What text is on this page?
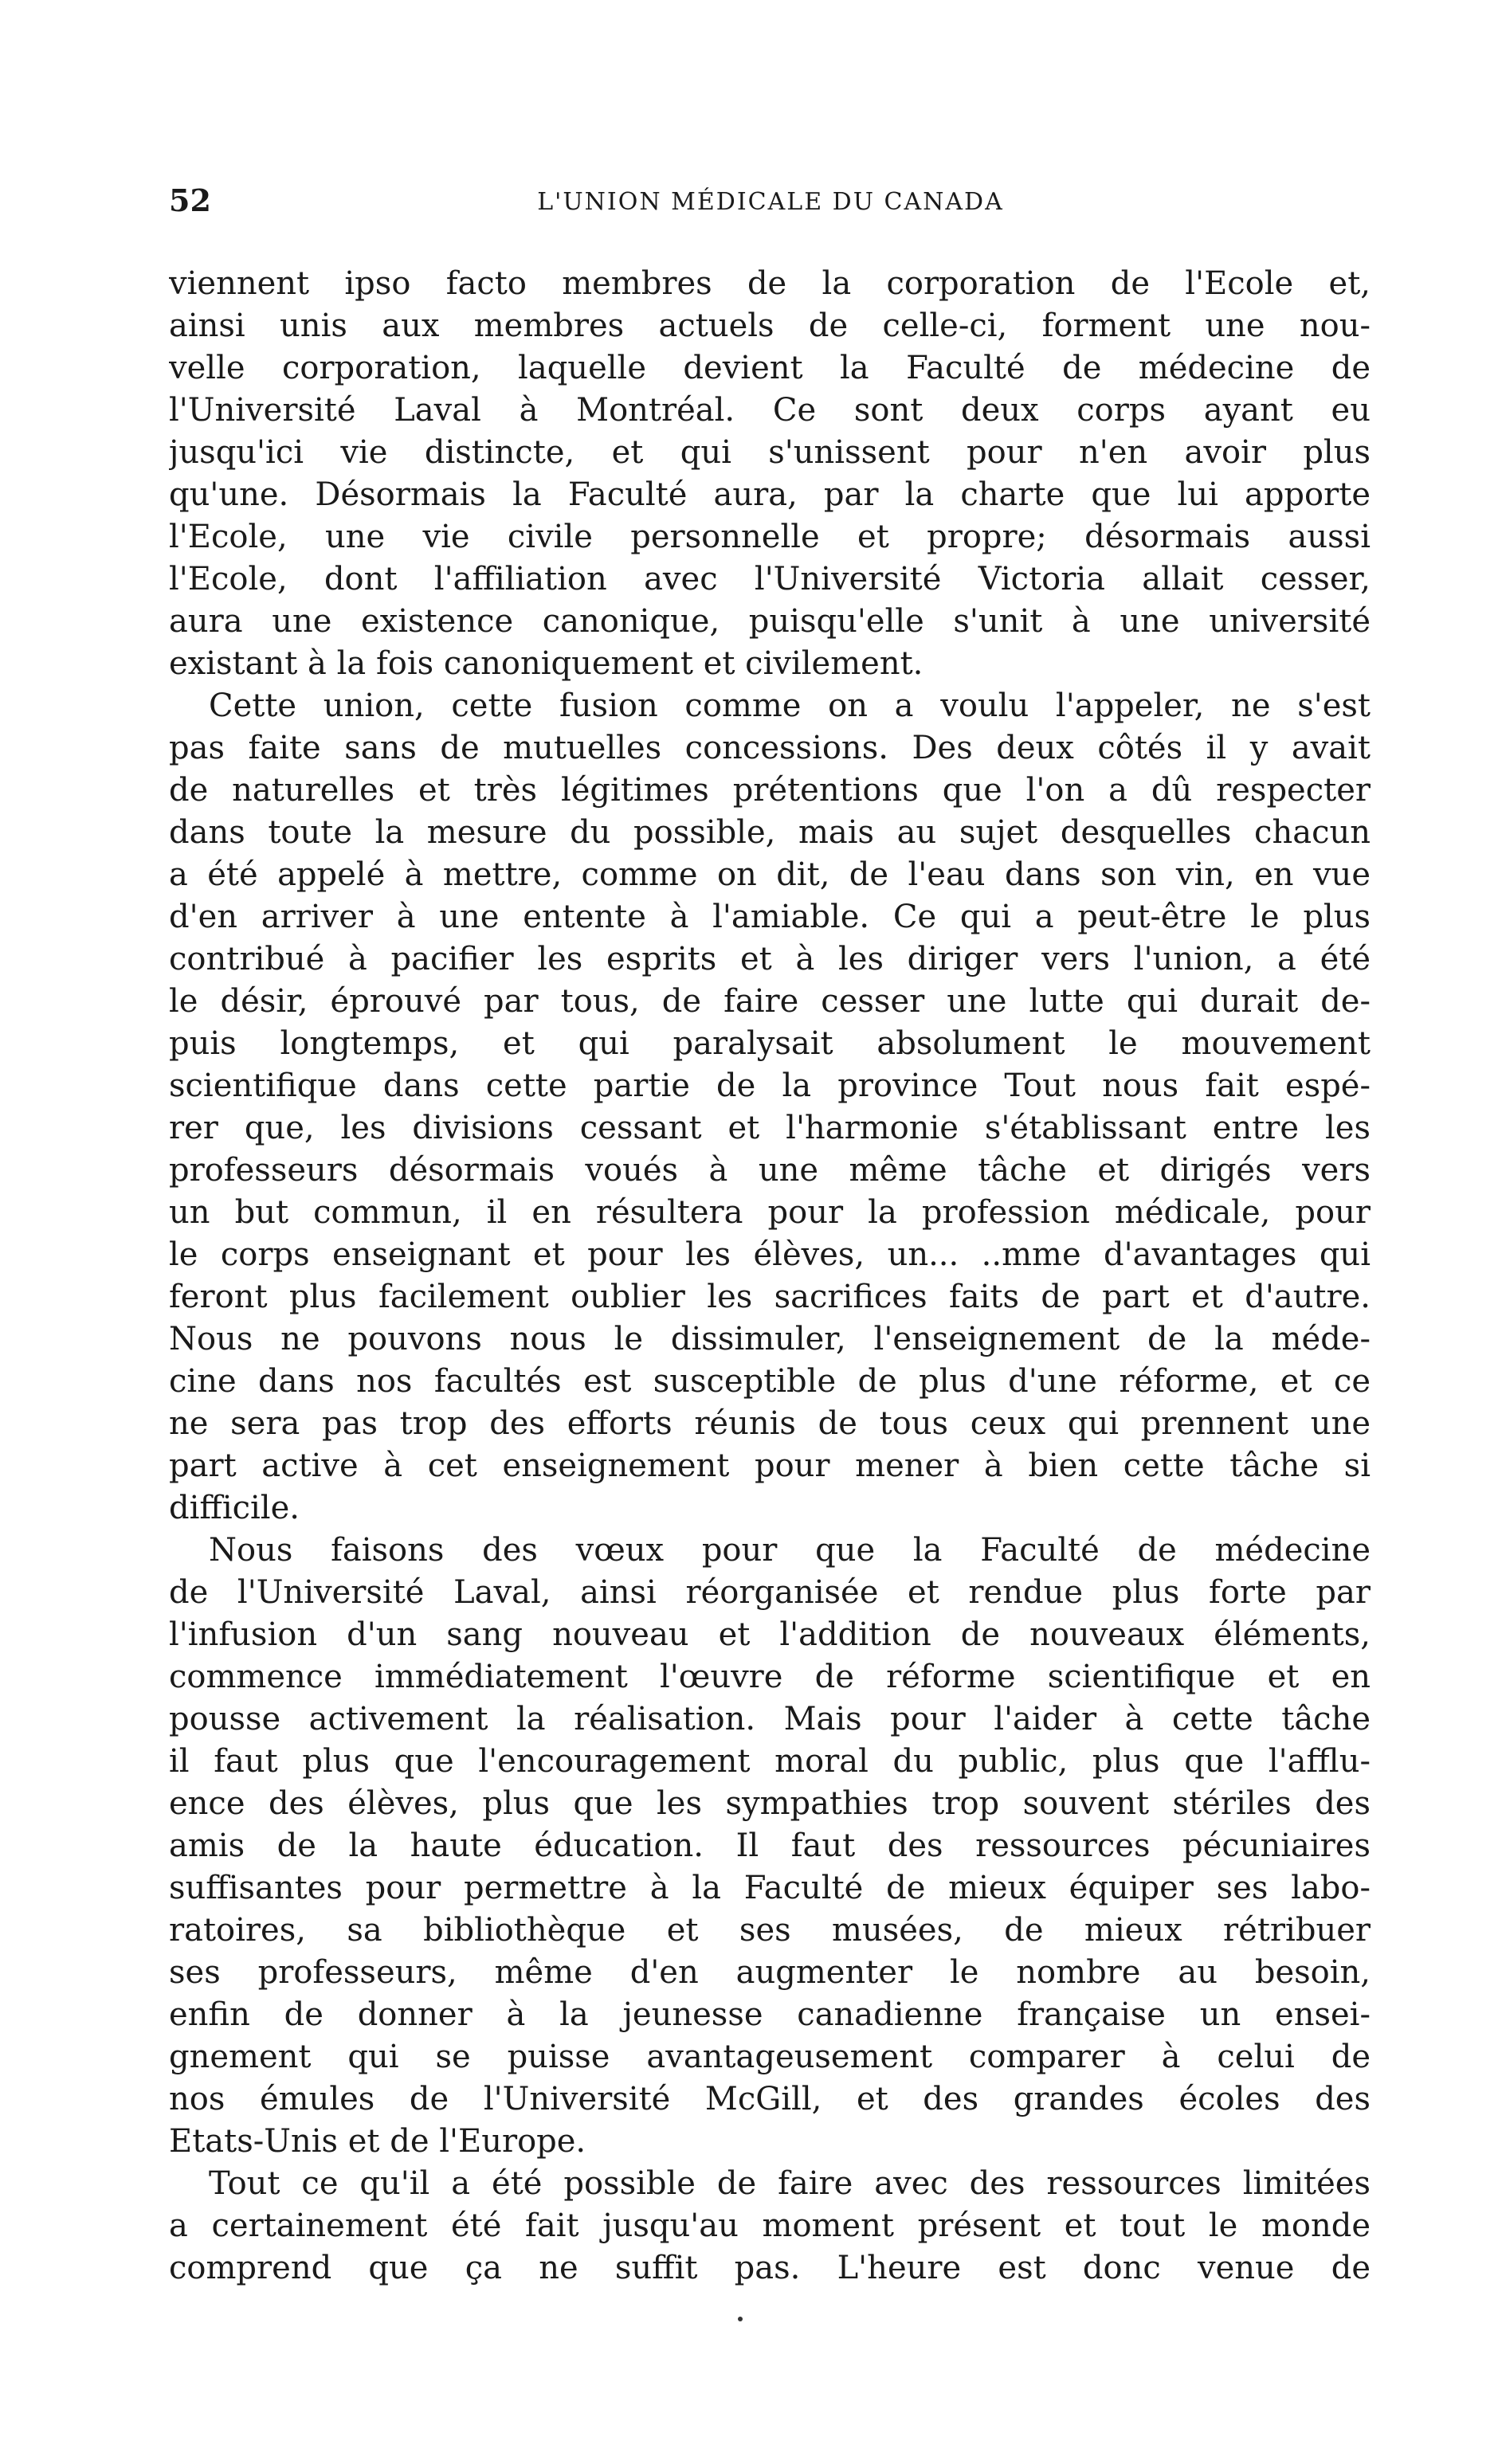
52	L'UNION MÉDICALE DU CANADA
viennent ipso facto membres de la corporation de l'Ecole et,
ainsi unis aux membres actuels de celle-ci, forment une nou-
velle corporation, laquelle devient la Faculté de médecine de
l'Université Laval à Montréal. Ce sont deux corps ayant eu
jusqu'ici vie distincte, et qui s'unissent pour n'en avoir plus
qu'une. Désormais la Faculté aura, par la charte que lui apporte
l'Ecole, une vie civile personnelle et propre; désormais aussi
l'Ecole, dont l'affiliation avec l'Université Victoria allait cesser,
aura une existence canonique, puisqu'elle s'unit à une université
existant à la fois canoniquement et civilement.
Cette union, cette fusion comme on a voulu l'appeler, ne s'est
pas faite sans de mutuelles concessions. Des deux côtés il y avait
de naturelles et très légitimes prétentions que l'on a dû respecter
dans toute la mesure du possible, mais au sujet desquelles chacun
a été appelé à mettre, comme on dit, de l'eau dans son vin, en vue
d'en arriver à une entente à l'amiable. Ce qui a peut-être le plus
contribué à pacifier les esprits et à les diriger vers l'union, a été
le désir, éprouvé par tous, de faire cesser une lutte qui durait de-
puis longtemps, et qui paralysait absolument le mouvement
scientifique dans cette partie de la province Tout nous fait espé-
rer que, les divisions cessant et l'harmonie s'établissant entre les
professeurs désormais voués à une même tâche et dirigés vers
un but commun, il en résultera pour la profession médicale, pour
le corps enseignant et pour les élèves, un... ..mme d'avantages qui
feront plus facilement oublier les sacrifices faits de part et d'autre.
Nous ne pouvons nous le dissimuler, l'enseignement de la méde-
cine dans nos facultés est susceptible de plus d'une réforme, et ce
ne sera pas trop des efforts réunis de tous ceux qui prennent une
part active à cet enseignement pour mener à bien cette tâche si
difficile.
Nous faisons des vœux pour que la Faculté de médecine
de l'Université Laval, ainsi réorganisée et rendue plus forte par
l'infusion d'un sang nouveau et l'addition de nouveaux éléments,
commence immédiatement l'œuvre de réforme scientifique et en
pousse activement la réalisation. Mais pour l'aider à cette tâche
il faut plus que l'encouragement moral du public, plus que l'afflu-
ence des élèves, plus que les sympathies trop souvent stériles des
amis de la haute éducation. Il faut des ressources pécuniaires
suffisantes pour permettre à la Faculté de mieux équiper ses labo-
ratoires, sa bibliothèque et ses musées, de mieux rétribuer
ses professeurs, même d'en augmenter le nombre au besoin,
enfin de donner à la jeunesse canadienne française un ensei-
gnement qui se puisse avantageusement comparer à celui de
nos émules de l'Université McGill, et des grandes écoles des
Etats-Unis et de l'Europe.
Tout ce qu'il a été possible de faire avec des ressources limitées
a certainement été fait jusqu'au moment présent et tout le monde
comprend que ça ne suffit pas. L'heure est donc venue de
